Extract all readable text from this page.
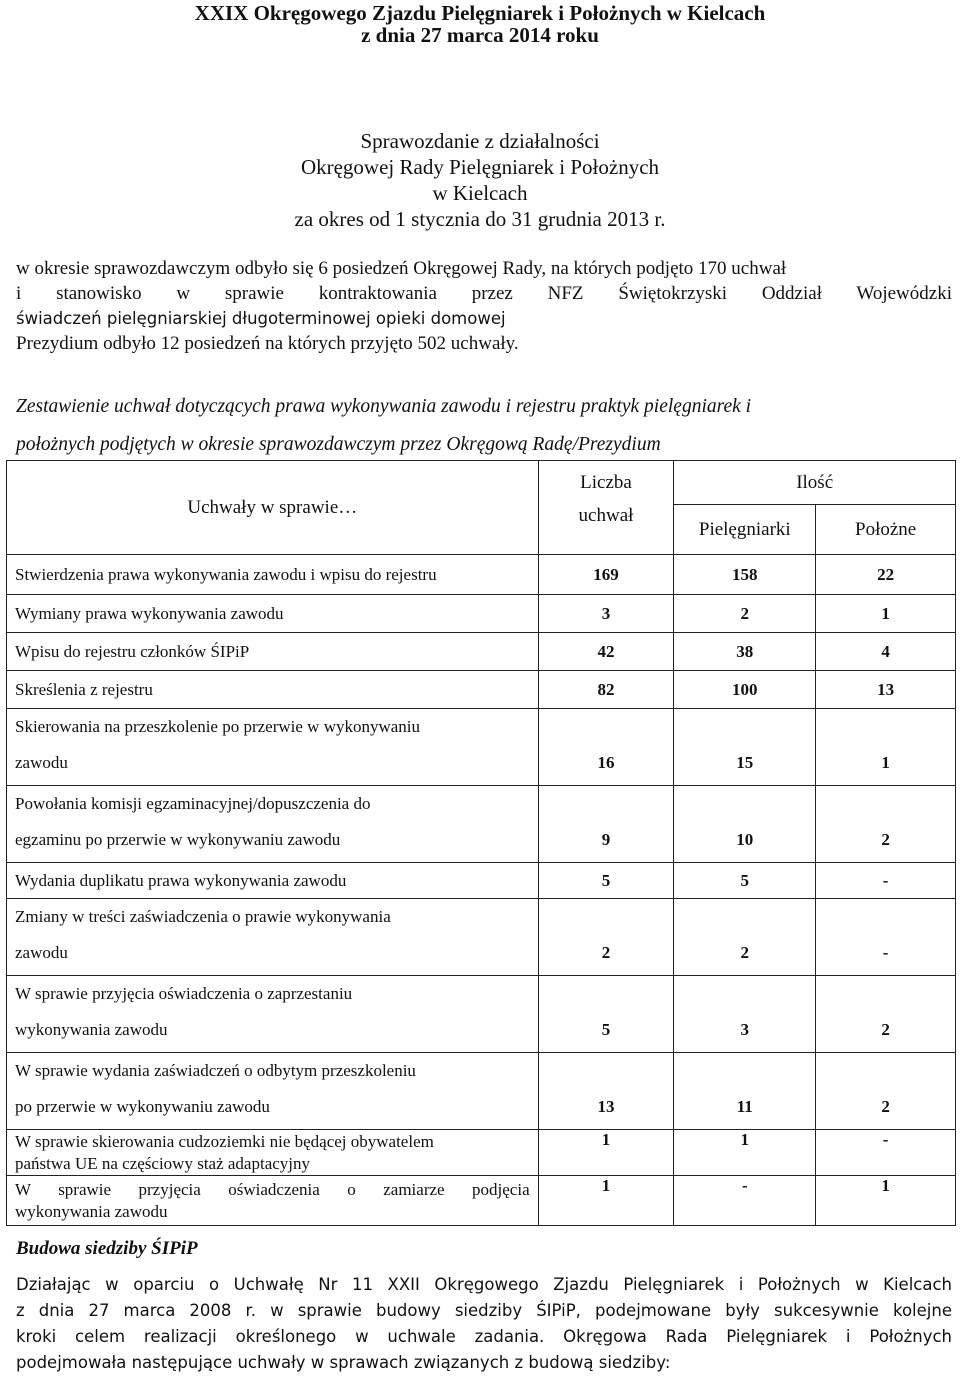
XXIX Okręgowego Zjazdu Pielęgniarek i Położnych w Kielcach
z dnia 27 marca 2014 roku
Sprawozdanie z działalności
Okręgowej Rady Pielęgniarek i Położnych
w Kielcach
za okres od 1 stycznia do 31 grudnia 2013 r.
w okresie sprawozdawczym odbyło się 6 posiedzeń Okręgowej Rady, na których podjęto 170 uchwał
i stanowisko w sprawie kontraktowania przez NFZ Świętokrzyski Oddział Wojewódzki
świadczeń pielęgniarskiej długoterminowej opieki domowej
Prezydium odbyło 12 posiedzeń na których przyjęto 502 uchwały.
Zestawienie uchwał dotyczących prawa wykonywania zawodu i rejestru praktyk pielęgniarek i
położnych podjętych w okresie sprawozdawczym przez Okręgową Radę/Prezydium
Uchwały w sprawie…	Liczba	Ilość	
	uchwał	Pielęgniarki	Położne

Stwierdzenia prawa wykonywania zawodu i wpisu do rejestru	169	158	22

Wymiany prawa wykonywania zawodu	3	2	1

Wpisu do rejestru członków ŚIPiP	42	38	4

Skreślenia z rejestru	82	100	13

Skierowania na przeszkolenie po przerwie w wykonywaniu
zawodu	16	15	1

Powołania komisji egzaminacyjnej/dopuszczenia do
egzaminu po przerwie w wykonywaniu zawodu	9	10	2

Wydania duplikatu prawa wykonywania zawodu	5	5	-

Zmiany w treści zaświadczenia o prawie wykonywania
zawodu	2	2	-

W sprawie przyjęcia oświadczenia o zaprzestaniu
wykonywania zawodu	5	3	2

W sprawie wydania zaświadczeń o odbytym przeszkoleniu
po przerwie w wykonywaniu zawodu	13	11	2

W sprawie skierowania cudzoziemki nie będącej obywatelem
państwa UE na częściowy staż adaptacyjny	1	1	-

W sprawie przyjęcia oświadczenia o zamiarze podjęcia
wykonywania zawodu	1	-	1
Budowa siedziby ŚIPiP
Działając w oparciu o Uchwałę Nr 11 XXII Okręgowego Zjazdu Pielęgniarek i Położnych w Kielcach
z dnia 27 marca 2008 r. w sprawie budowy siedziby ŚIPiP, podejmowane były sukcesywnie kolejne
kroki celem realizacji określonego w uchwale zadania. Okręgowa Rada Pielęgniarek i Położnych
podejmowała następujące uchwały w sprawach związanych z budową siedziby:
